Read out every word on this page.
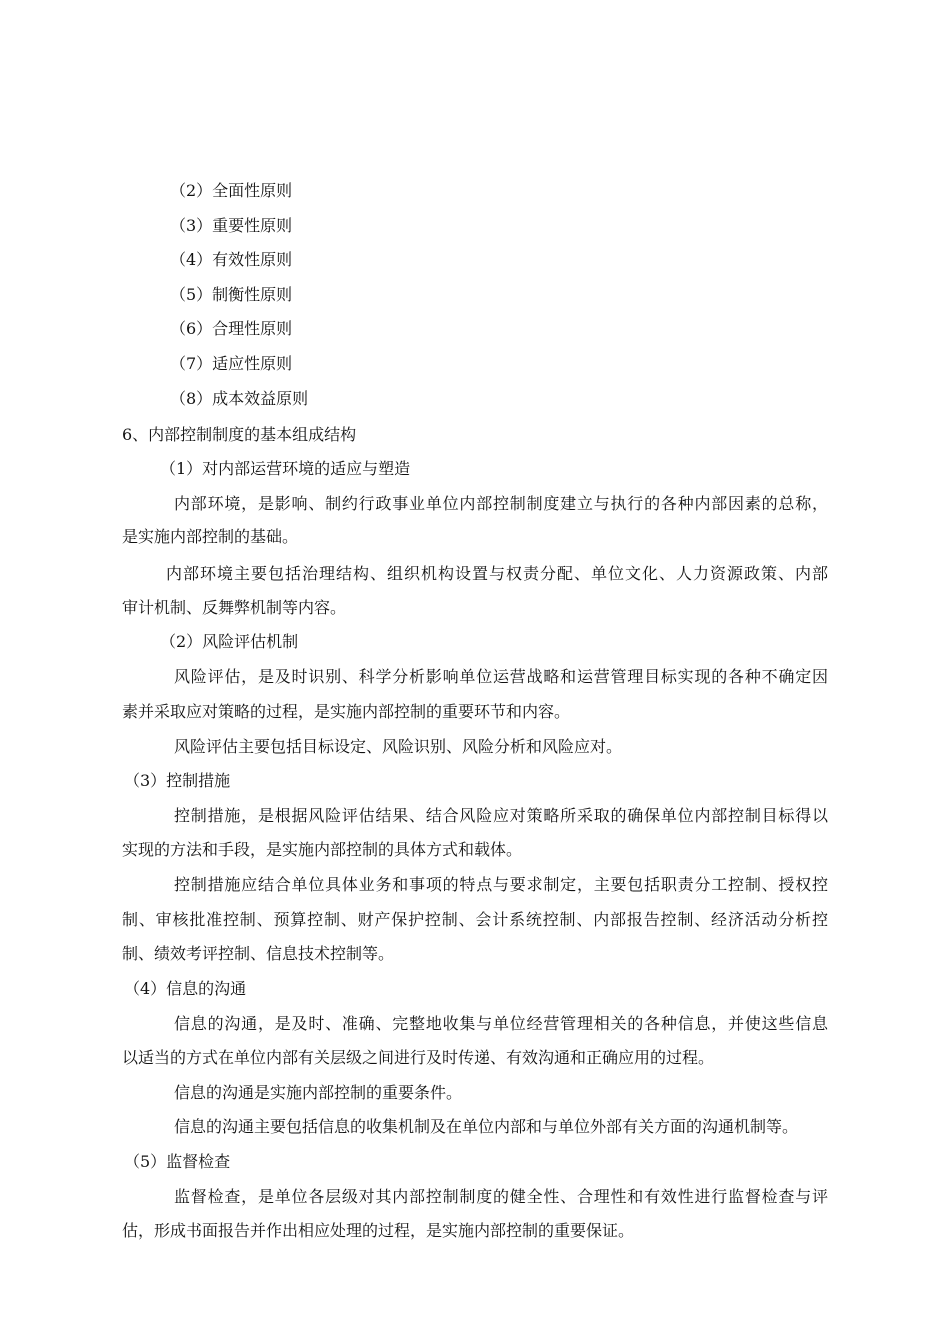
（2）全面性原则
（3）重要性原则
（4）有效性原则
（5）制衡性原则
（6）合理性原则
（7）适应性原则
（8）成本效益原则
6、内部控制制度的基本组成结构
（1）对内部运营环境的适应与塑造
内部环境，是影响、制约行政事业单位内部控制制度建立与执行的各种内部因素的总称，
是实施内部控制的基础。
内部环境主要包括治理结构、组织机构设置与权责分配、单位文化、人力资源政策、内部
审计机制、反舞弊机制等内容。
（2）风险评估机制
风险评估，是及时识别、科学分析影响单位运营战略和运营管理目标实现的各种不确定因
素并采取应对策略的过程，是实施内部控制的重要环节和内容。
风险评估主要包括目标设定、风险识别、风险分析和风险应对。
（3）控制措施
控制措施，是根据风险评估结果、结合风险应对策略所采取的确保单位内部控制目标得以
实现的方法和手段，是实施内部控制的具体方式和载体。
控制措施应结合单位具体业务和事项的特点与要求制定，主要包括职责分工控制、授权控
制、审核批准控制、预算控制、财产保护控制、会计系统控制、内部报告控制、经济活动分析控
制、绩效考评控制、信息技术控制等。
（4）信息的沟通
信息的沟通，是及时、准确、完整地收集与单位经营管理相关的各种信息，并使这些信息
以适当的方式在单位内部有关层级之间进行及时传递、有效沟通和正确应用的过程。
信息的沟通是实施内部控制的重要条件。
信息的沟通主要包括信息的收集机制及在单位内部和与单位外部有关方面的沟通机制等。
（5）监督检查
监督检查，是单位各层级对其内部控制制度的健全性、合理性和有效性进行监督检查与评
估，形成书面报告并作出相应处理的过程，是实施内部控制的重要保证。
